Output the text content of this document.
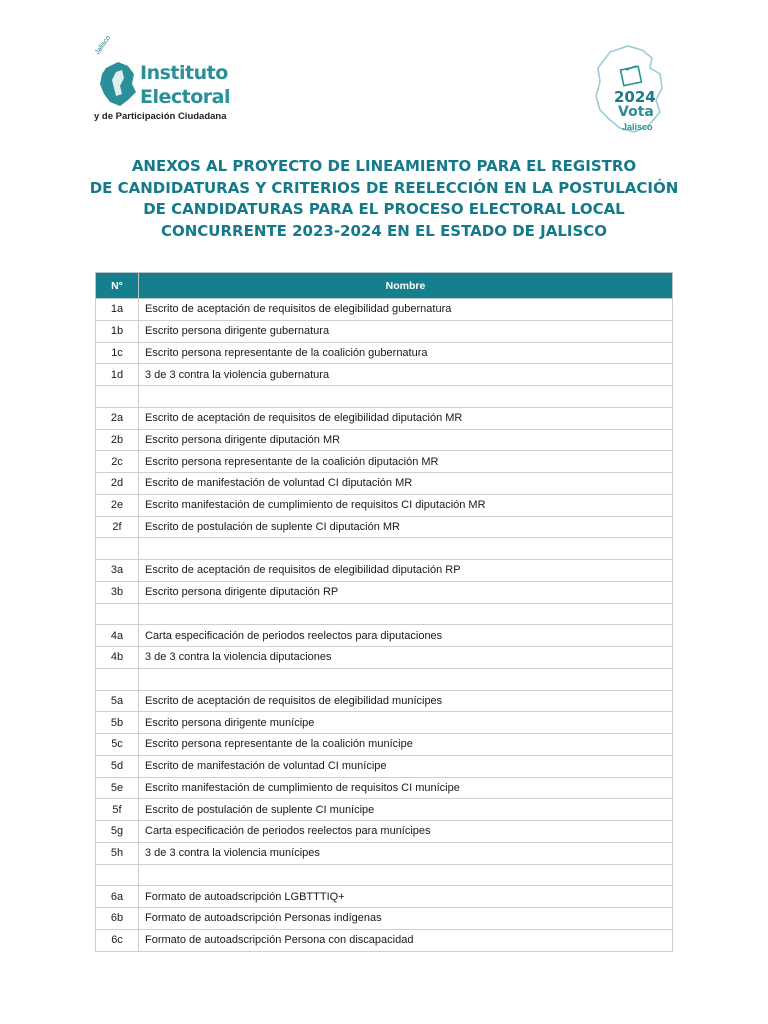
Jalisco
Instituto
Electoral
y de Participación Ciudadana
2024
Vota
Jalisco
ANEXOS AL PROYECTO DE LINEAMIENTO PARA EL REGISTRO
DE CANDIDATURAS Y CRITERIOS DE REELECCIÓN EN LA POSTULACIÓN
DE CANDIDATURAS PARA EL PROCESO ELECTORAL LOCAL
CONCURRENTE 2023-2024 EN EL ESTADO DE JALISCO
N°	Nombre
1a	Escrito de aceptación de requisitos de elegibilidad gubernatura
1b	Escrito persona dirigente gubernatura
1c	Escrito persona representante de la coalición gubernatura
1d	3 de 3 contra la violencia gubernatura

2a	Escrito de aceptación de requisitos de elegibilidad diputación MR
2b	Escrito persona dirigente diputación MR
2c	Escrito persona representante de la coalición diputación MR
2d	Escrito de manifestación de voluntad CI diputación MR
2e	Escrito manifestación de cumplimiento de requisitos CI diputación MR
2f	Escrito de postulación de suplente CI diputación MR

3a	Escrito de aceptación de requisitos de elegibilidad diputación RP
3b	Escrito persona dirigente diputación RP

4a	Carta especificación de periodos reelectos para diputaciones
4b	3 de 3 contra la violencia diputaciones

5a	Escrito de aceptación de requisitos de elegibilidad munícipes
5b	Escrito persona dirigente munícipe
5c	Escrito persona representante de la coalición munícipe
5d	Escrito de manifestación de voluntad CI munícipe
5e	Escrito manifestación de cumplimiento de requisitos CI munícipe
5f	Escrito de postulación de suplente CI munícipe
5g	Carta especificación de periodos reelectos para munícipes
5h	3 de 3 contra la violencia munícipes

6a	Formato de autoadscripción LGBTTTIQ+
6b	Formato de autoadscripción Personas indígenas
6c	Formato de autoadscripción Persona con discapacidad
